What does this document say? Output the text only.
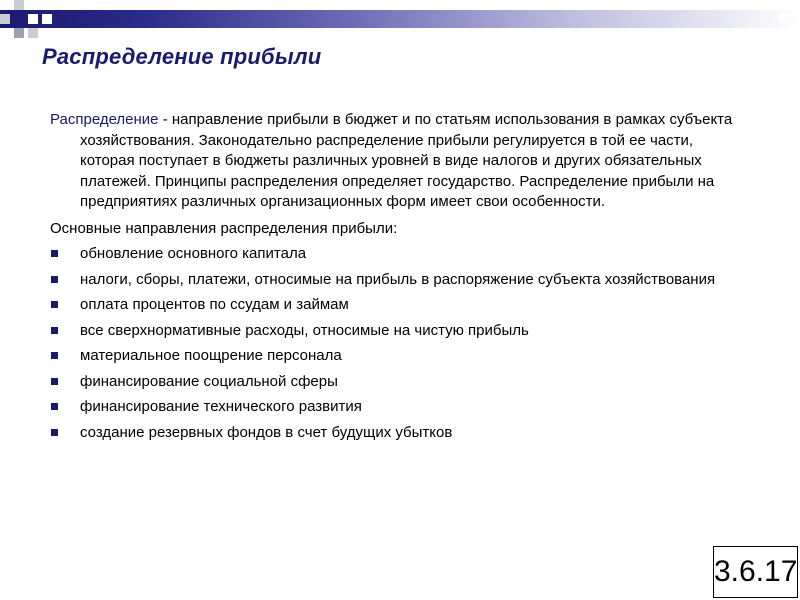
Распределение прибыли

Распределение - направление прибыли в бюджет и по статьям использования в рамках субъекта хозяйствования. Законодательно распределение прибыли регулируется в той ее части, которая поступает в бюджеты различных уровней в виде налогов и других обязательных платежей. Принципы распределения определяет государство. Распределение прибыли на предприятиях различных организационных форм имеет свои особенности.

Основные направления распределения прибыли:

обновление основного капитала
налоги, сборы, платежи, относимые на прибыль в распоряжение субъекта хозяйствования
оплата процентов по ссудам и займам
все сверхнормативные расходы, относимые на чистую прибыль
материальное поощрение персонала
финансирование социальной сферы
финансирование технического развития
создание резервных фондов в счет будущих убытков
3.6.17
